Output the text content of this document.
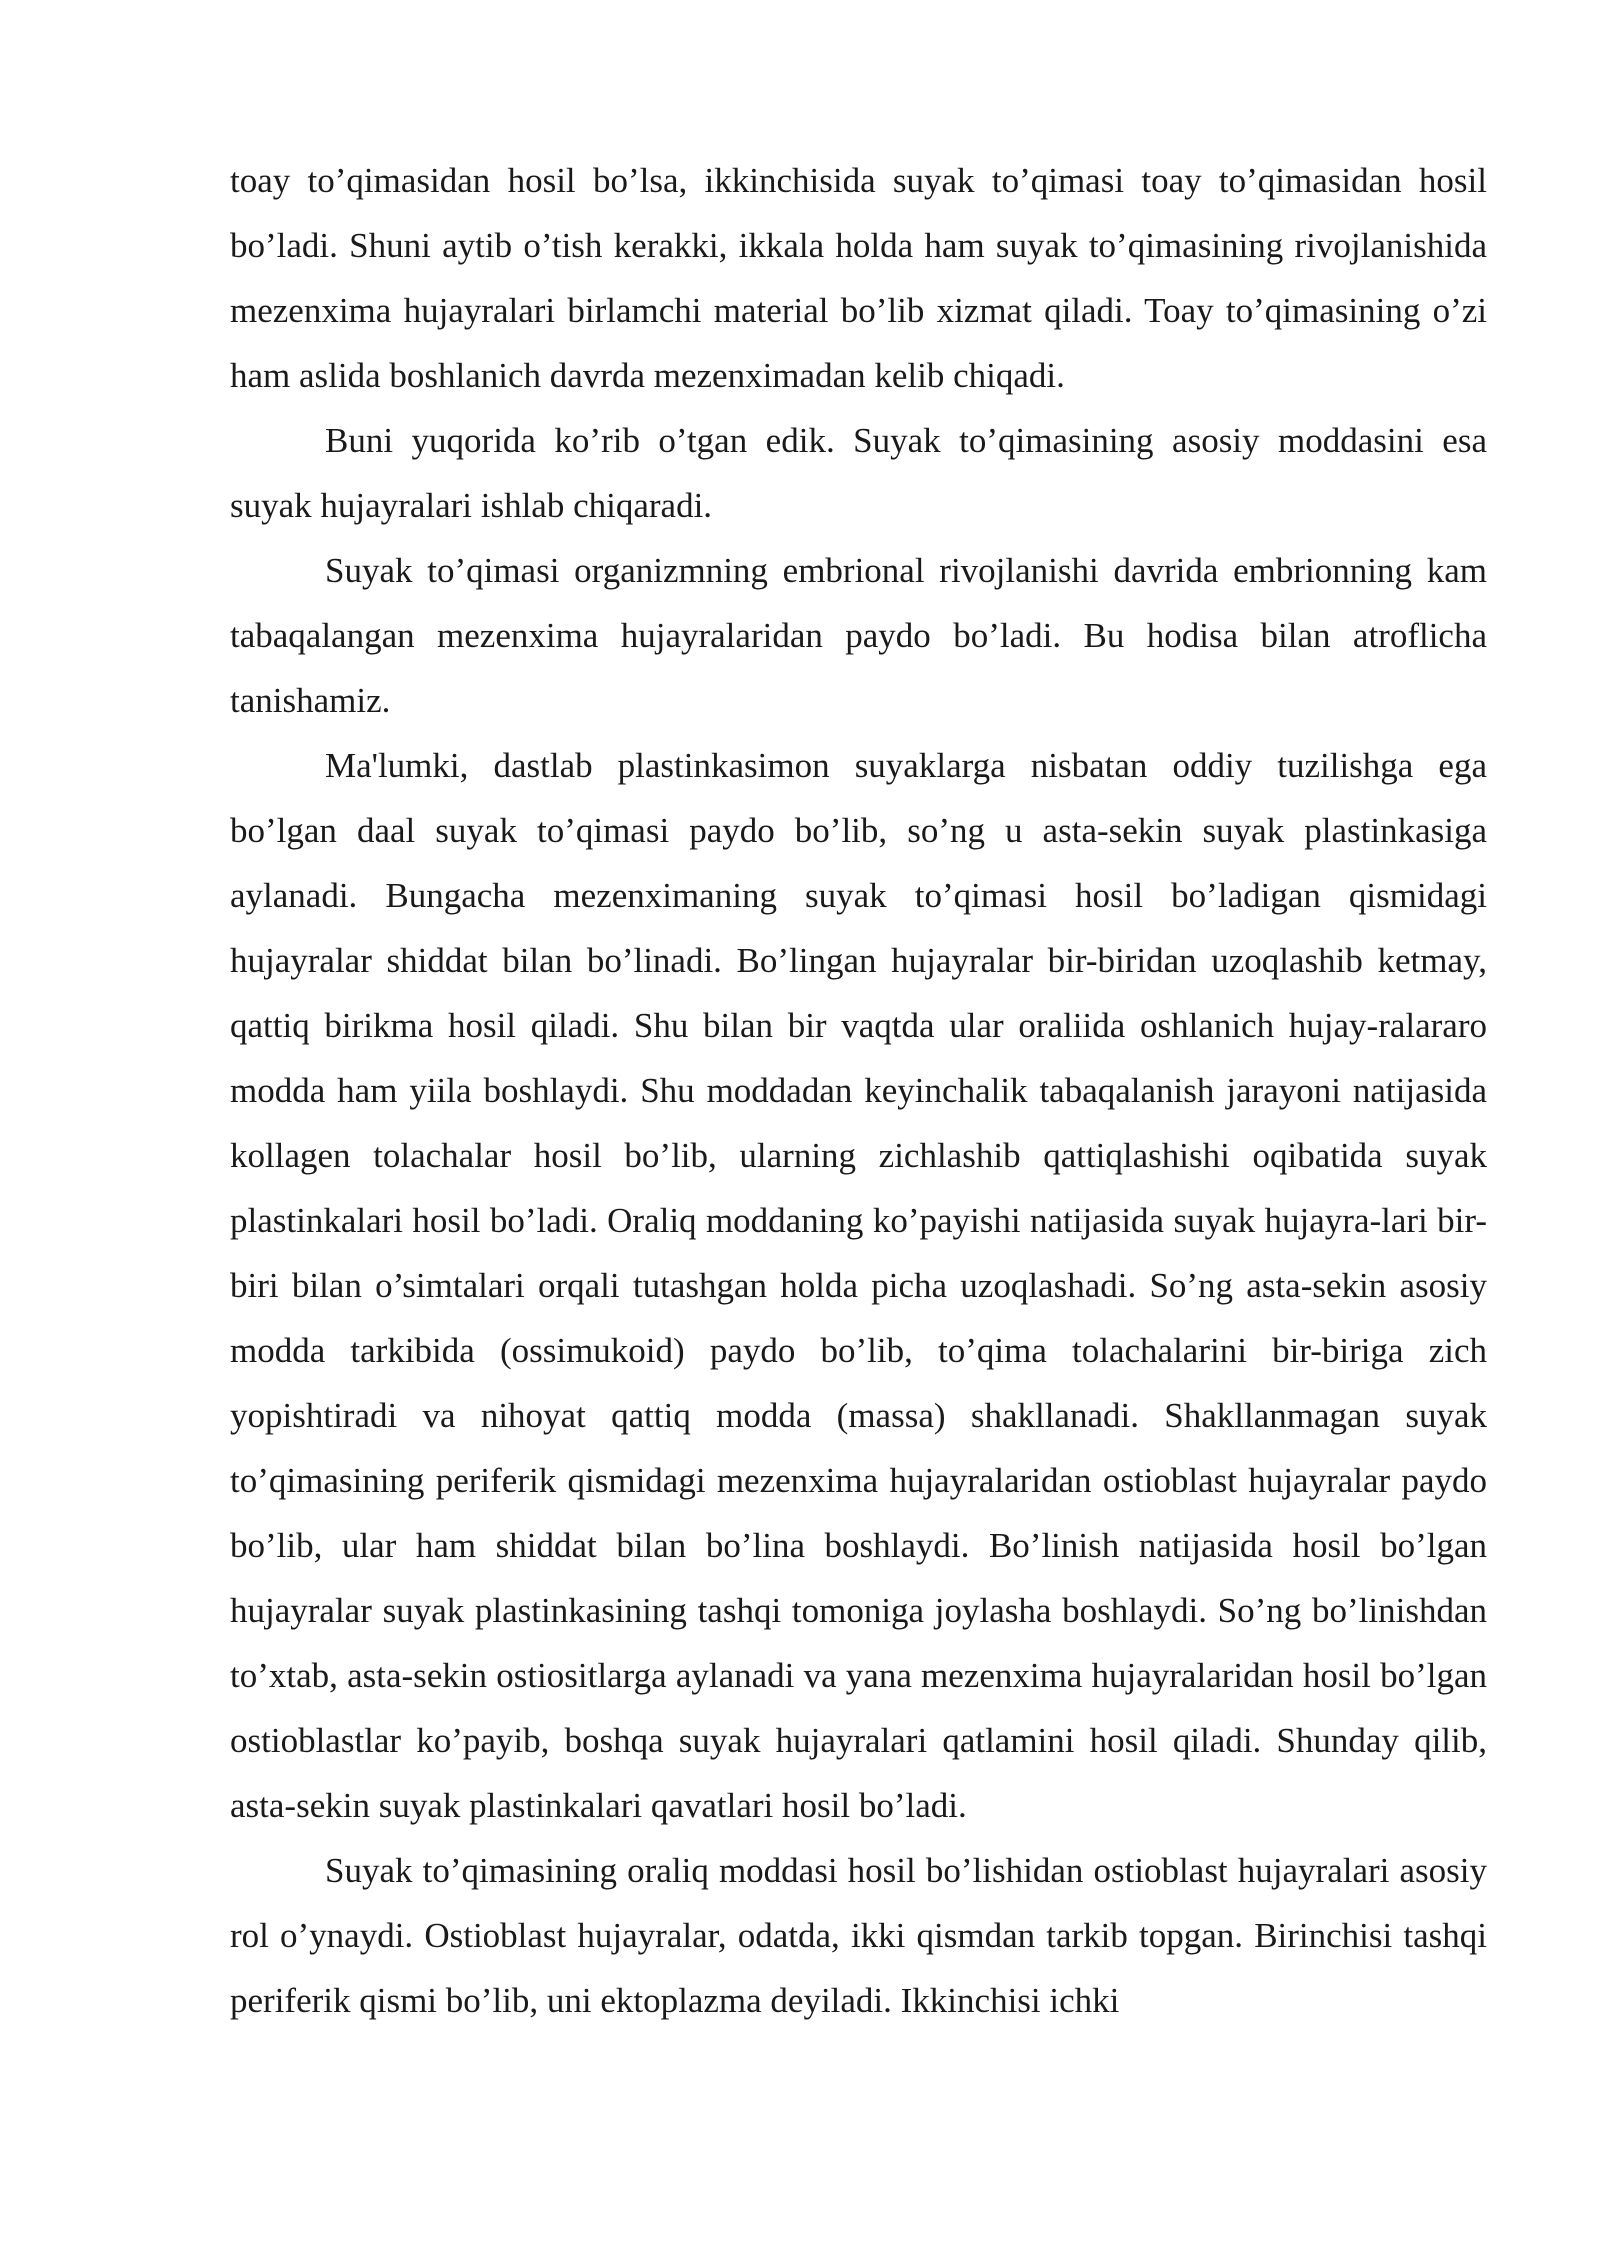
toay to’qimasidan hosil bo’lsa, ikkinchisida suyak to’qimasi toay to’qimasidan hosil bo’ladi. Shuni aytib o’tish kerakki, ikkala holda ham suyak to’qimasining rivojlanishida mezenxima hujayralari birlamchi material bo’lib xizmat qiladi. Toay to’qimasining o’zi ham aslida boshlanich davrda mezenximadan kelib chiqadi.

Buni yuqorida ko’rib o’tgan edik. Suyak to’qimasining asosiy moddasini esa suyak hujayralari ishlab chiqaradi.

Suyak to’qimasi organizmning embrional rivojlanishi davrida embrionning kam tabaqalangan mezenxima hujayralaridan paydo bo’ladi. Bu hodisa bilan atroflicha tanishamiz.

Ma'lumki, dastlab plastinkasimon suyaklarga nisbatan oddiy tuzilishga ega bo’lgan daal suyak to’qimasi paydo bo’lib, so’ng u asta-sekin suyak plastinkasiga aylanadi. Bungacha mezenximaning suyak to’qimasi hosil bo’ladigan qismidagi hujayralar shiddat bilan bo’linadi. Bo’lingan hujayralar bir-biridan uzoqlashib ketmay, qattiq birikma hosil qiladi. Shu bilan bir vaqtda ular oraliida oshlanich hujay-ralararo modda ham yiila boshlaydi. Shu moddadan keyinchalik tabaqalanish jarayoni natijasida kollagen tolachalar hosil bo’lib, ularning zichlashib qattiqlashishi oqibatida suyak plastinkalari hosil bo’ladi. Oraliq moddaning ko’payishi natijasida suyak hujayra-lari bir-biri bilan o’simtalari orqali tutashgan holda picha uzoqlashadi. So’ng asta-sekin asosiy modda tarkibida (ossimukoid) paydo bo’lib, to’qima tolachalarini bir-biriga zich yopishtiradi va nihoyat qattiq modda (massa) shakllanadi. Shakllanmagan suyak to’qimasining periferik qismidagi mezenxima hujayralaridan ostioblast hujayralar paydo bo’lib, ular ham shiddat bilan bo’lina boshlaydi. Bo’linish natijasida hosil bo’lgan hujayralar suyak plastinkasining tashqi tomoniga joylasha boshlaydi. So’ng bo’linishdan to’xtab, asta-sekin ostiositlarga aylanadi va yana mezenxima hujayralaridan hosil bo’lgan ostioblastlar ko’payib, boshqa suyak hujayralari qatlamini hosil qiladi. Shunday qilib, asta-sekin suyak plastinkalari qavatlari hosil bo’ladi.

Suyak to’qimasining oraliq moddasi hosil bo’lishidan ostioblast hujayralari asosiy rol o’ynaydi. Ostioblast hujayralar, odatda, ikki qismdan tarkib topgan. Birinchisi tashqi periferik qismi bo’lib, uni ektoplazma deyiladi. Ikkinchisi ichki
